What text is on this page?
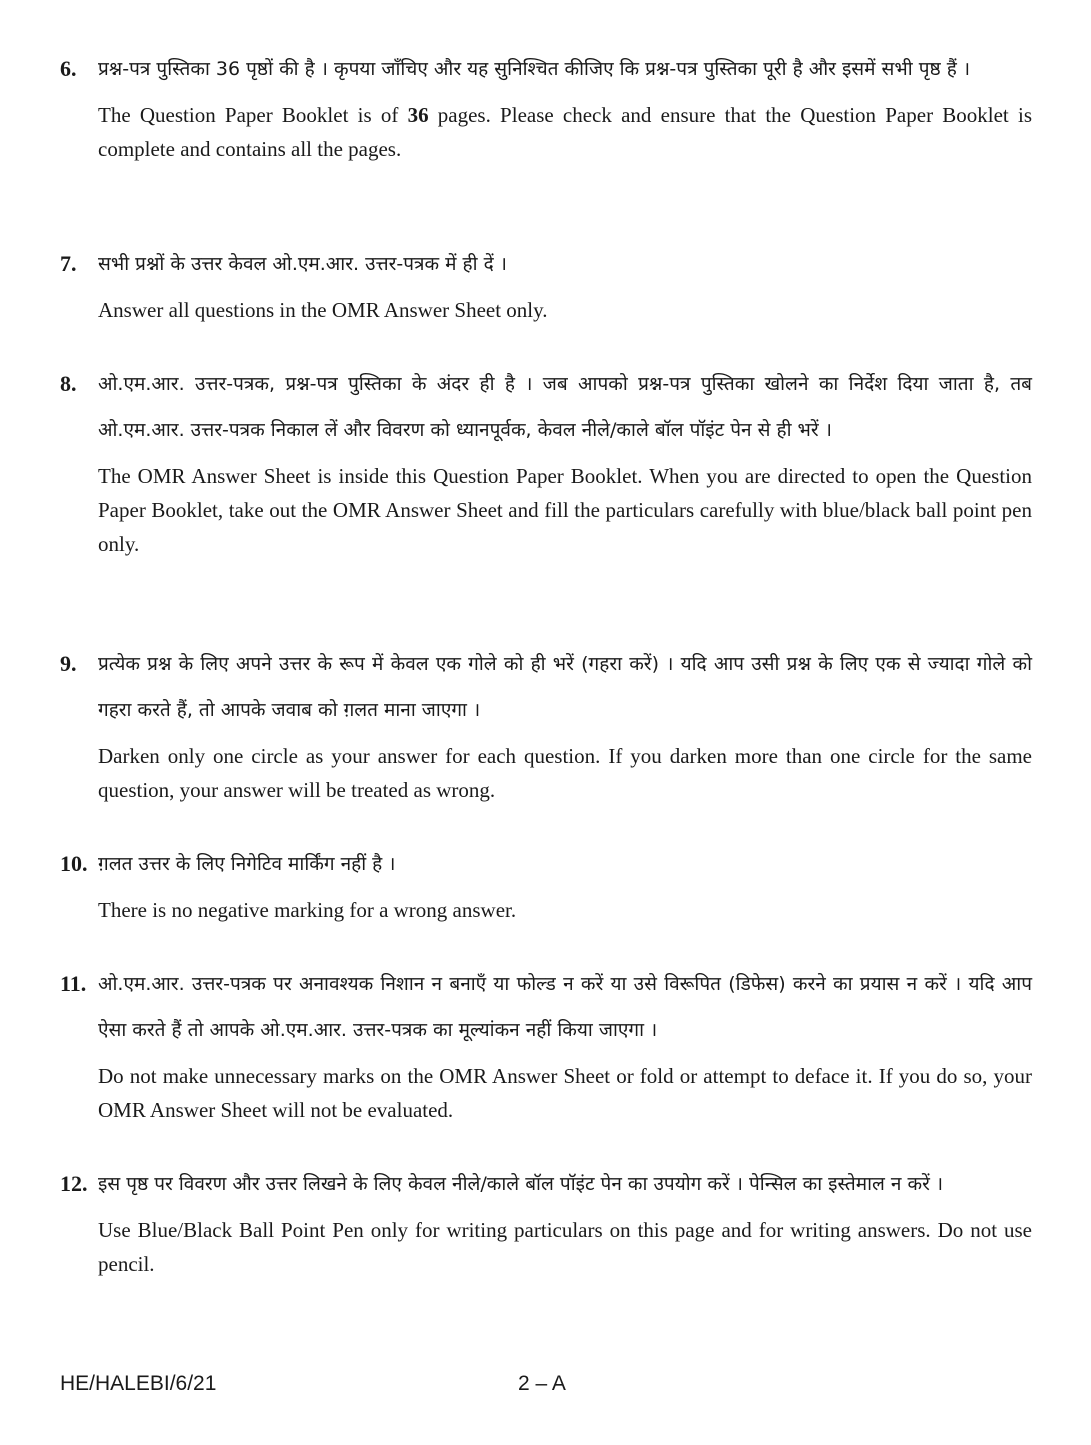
6.	प्रश्न-पत्र पुस्तिका 36 पृष्ठों की है । कृपया जाँचिए और यह सुनिश्चित कीजिए कि प्रश्न-पत्र पुस्तिका पूरी है और इसमें सभी पृष्ठ हैं ।
The Question Paper Booklet is of 36 pages. Please check and ensure that the Question Paper Booklet is complete and contains all the pages.
7.	सभी प्रश्नों के उत्तर केवल ओ.एम.आर. उत्तर-पत्रक में ही दें ।
Answer all questions in the OMR Answer Sheet only.
8.	ओ.एम.आर. उत्तर-पत्रक, प्रश्न-पत्र पुस्तिका के अंदर ही है । जब आपको प्रश्न-पत्र पुस्तिका खोलने का निर्देश दिया जाता है, तब ओ.एम.आर. उत्तर-पत्रक निकाल लें और विवरण को ध्यानपूर्वक, केवल नीले/काले बॉल पॉइंट पेन से ही भरें ।
The OMR Answer Sheet is inside this Question Paper Booklet. When you are directed to open the Question Paper Booklet, take out the OMR Answer Sheet and fill the particulars carefully with blue/black ball point pen only.
9.	प्रत्येक प्रश्न के लिए अपने उत्तर के रूप में केवल एक गोले को ही भरें (गहरा करें) । यदि आप उसी प्रश्न के लिए एक से ज्यादा गोले को गहरा करते हैं, तो आपके जवाब को ग़लत माना जाएगा ।
Darken only one circle as your answer for each question. If you darken more than one circle for the same question, your answer will be treated as wrong.
10. ग़लत उत्तर के लिए निगेटिव मार्किंग नहीं है ।
There is no negative marking for a wrong answer.
11. ओ.एम.आर. उत्तर-पत्रक पर अनावश्यक निशान न बनाएँ या फोल्ड न करें या उसे विरूपित (डिफेस) करने का प्रयास न करें । यदि आप ऐसा करते हैं तो आपके ओ.एम.आर. उत्तर-पत्रक का मूल्यांकन नहीं किया जाएगा ।
Do not make unnecessary marks on the OMR Answer Sheet or fold or attempt to deface it. If you do so, your OMR Answer Sheet will not be evaluated.
12. इस पृष्ठ पर विवरण और उत्तर लिखने के लिए केवल नीले/काले बॉल पॉइंट पेन का उपयोग करें । पेन्सिल का इस्तेमाल न करें ।
Use Blue/Black Ball Point Pen only for writing particulars on this page and for writing answers. Do not use pencil.
HE/HALEBI/6/21	2 – A
